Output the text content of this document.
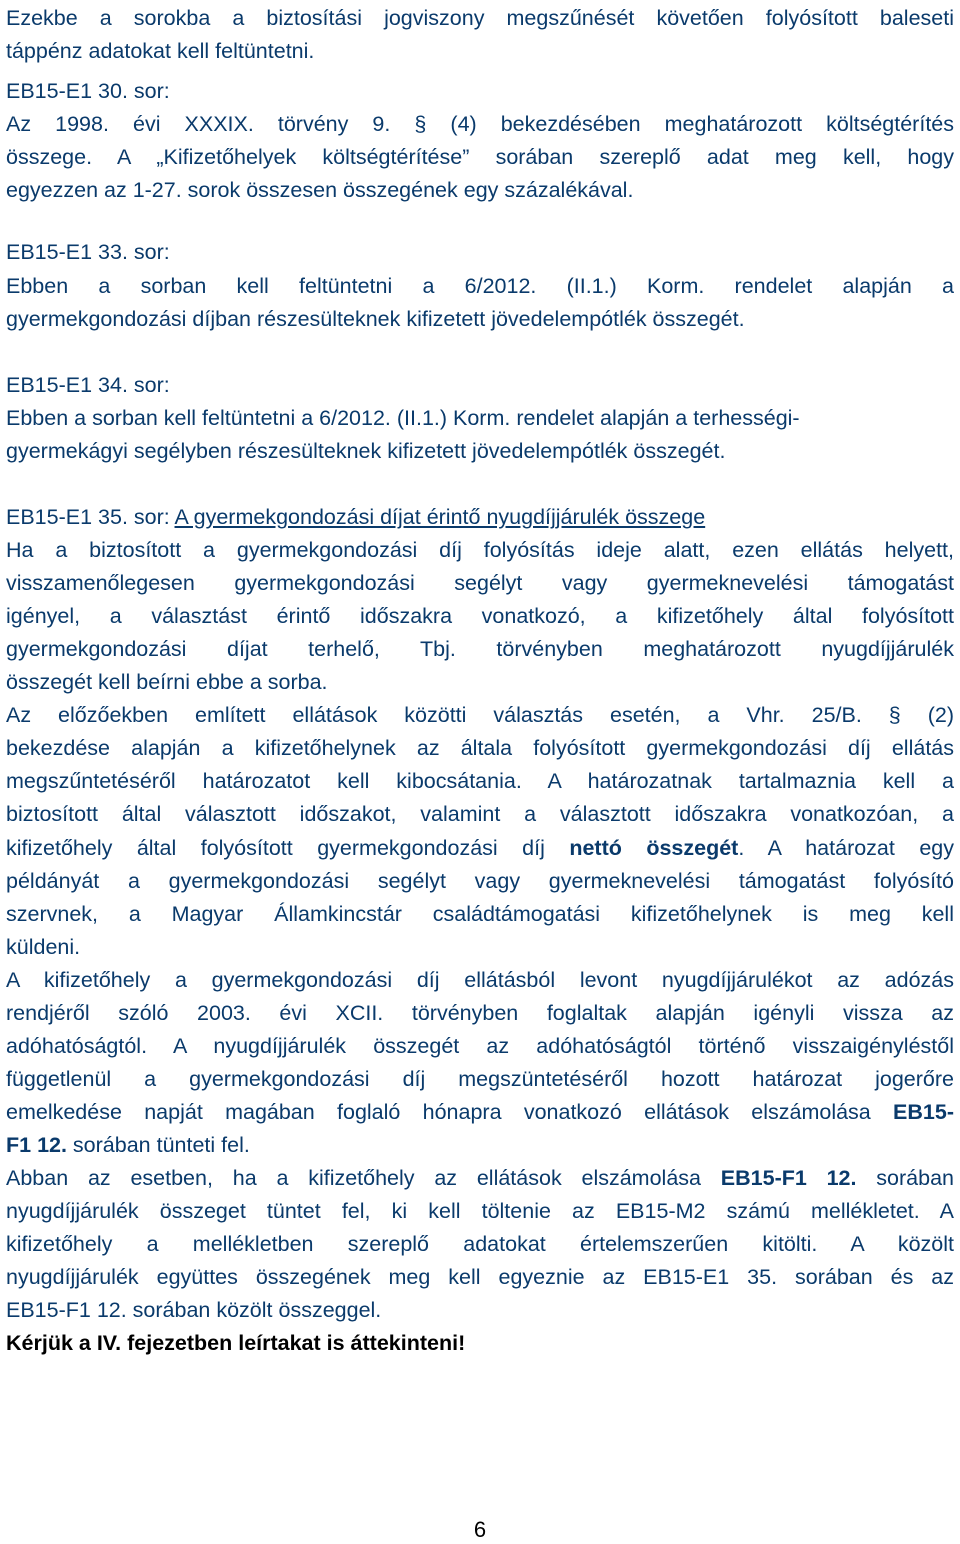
Ezekbe a sorokba a biztosítási jogviszony megszűnését követően folyósított baleseti
táppénz adatokat kell feltüntetni.
EB15-E1 30. sor:
Az 1998. évi XXXIX. törvény 9. § (4) bekezdésében meghatározott költségtérítés
összege. A „Kifizetőhelyek költségtérítése” sorában szereplő adat meg kell, hogy
egyezzen az 1-27. sorok összesen összegének egy százalékával.
EB15-E1 33. sor:
Ebben a sorban kell feltüntetni a 6/2012. (II.1.) Korm. rendelet alapján a
gyermekgondozási díjban részesülteknek kifizetett jövedelempótlék összegét.
EB15-E1 34. sor:
Ebben a sorban kell feltüntetni a 6/2012. (II.1.) Korm. rendelet alapján a terhességi-
gyermekágyi segélyben részesülteknek kifizetett jövedelempótlék összegét.
EB15-E1 35. sor: A gyermekgondozási díjat érintő nyugdíjjárulék összege
Ha a biztosított a gyermekgondozási díj folyósítás ideje alatt, ezen ellátás helyett,
visszamenőlegesen gyermekgondozási segélyt vagy gyermeknevelési támogatást
igényel, a választást érintő időszakra vonatkozó, a kifizetőhely által folyósított
gyermekgondozási díjat terhelő, Tbj. törvényben meghatározott nyugdíjjárulék
összegét kell beírni ebbe a sorba.
Az előzőekben említett ellátások közötti választás esetén, a Vhr. 25/B. § (2)
bekezdése alapján a kifizetőhelynek az általa folyósított gyermekgondozási díj ellátás
megszűntetéséről határozatot kell kibocsátania. A határozatnak tartalmaznia kell a
biztosított által választott időszakot, valamint a választott időszakra vonatkozóan, a
kifizetőhely által folyósított gyermekgondozási díj nettó összegét. A határozat egy
példányát a gyermekgondozási segélyt vagy gyermeknevelési támogatást folyósító
szervnek, a Magyar Államkincstár családtámogatási kifizetőhelynek is meg kell
küldeni.
A kifizetőhely a gyermekgondozási díj ellátásból levont nyugdíjjárulékot az adózás
rendjéről szóló 2003. évi XCII. törvényben foglaltak alapján igényli vissza az
adóhatóságtól. A nyugdíjjárulék összegét az adóhatóságtól történő visszaigényléstől
függetlenül a gyermekgondozási díj megszüntetéséről hozott határozat jogerőre
emelkedése napját magában foglaló hónapra vonatkozó ellátások elszámolása EB15-
F1 12. sorában tünteti fel.
Abban az esetben, ha a kifizetőhely az ellátások elszámolása EB15-F1 12. sorában
nyugdíjjárulék összeget tüntet fel, ki kell töltenie az EB15-M2 számú mellékletet. A
kifizetőhely a mellékletben szereplő adatokat értelemszerűen kitölti. A közölt
nyugdíjjárulék együttes összegének meg kell egyeznie az EB15-E1 35. sorában és az
EB15-F1 12. sorában közölt összeggel.
Kérjük a IV. fejezetben leírtakat is áttekinteni!
6
